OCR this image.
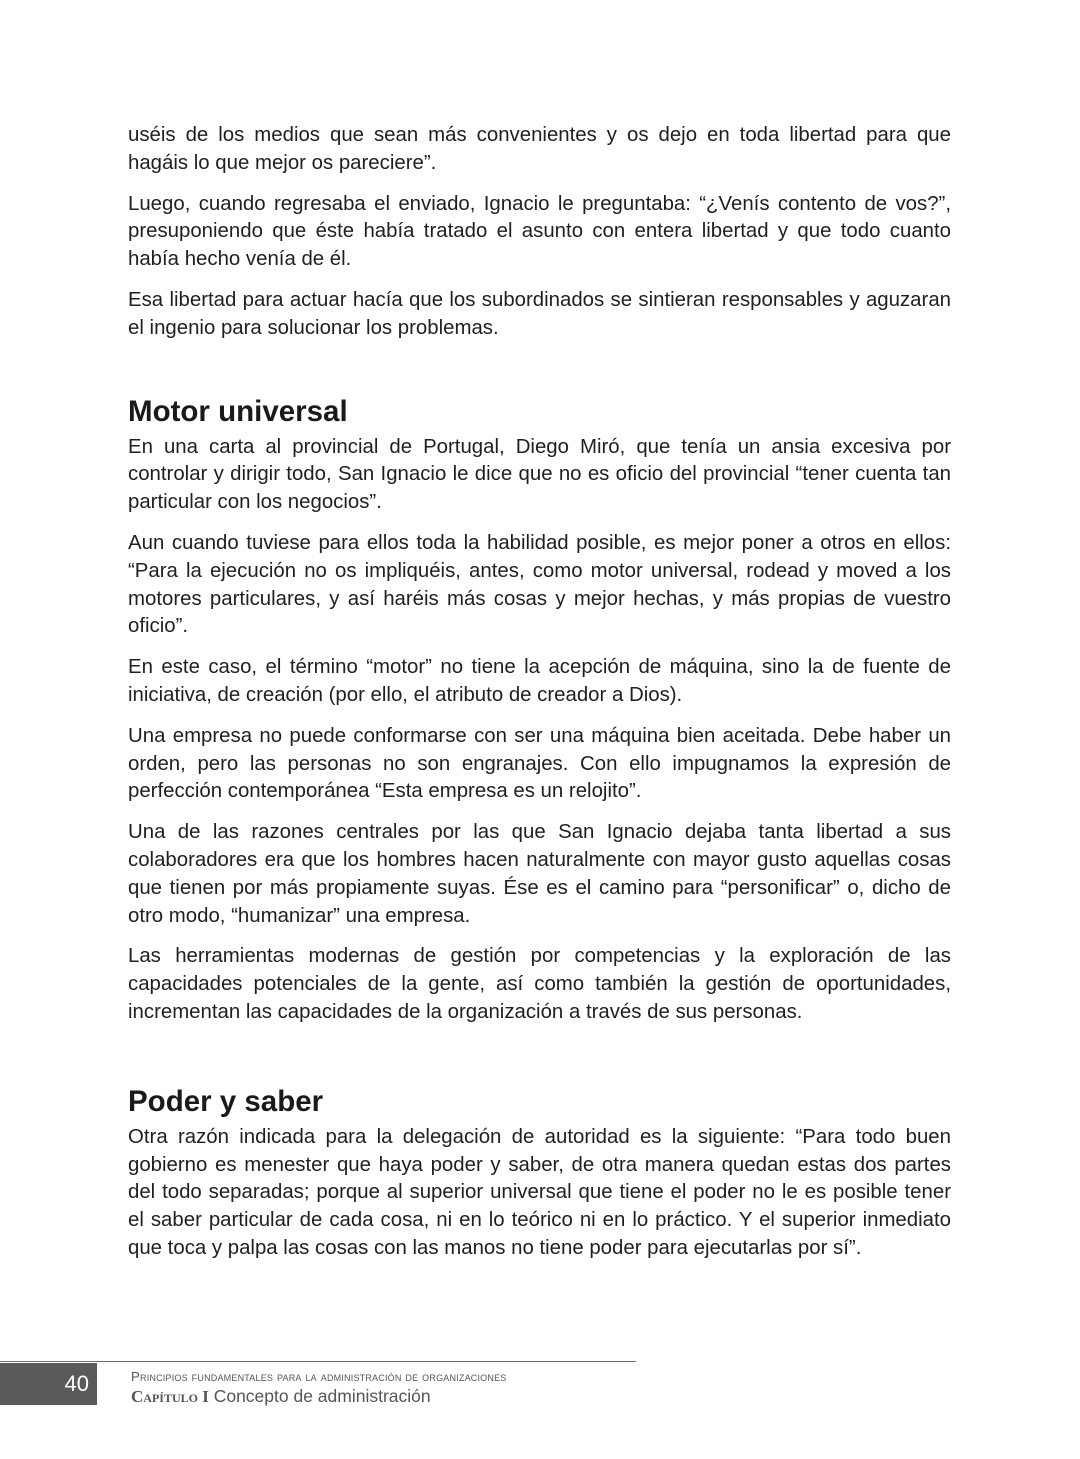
uséis de los medios que sean más convenientes y os dejo en toda libertad para que hagáis lo que mejor os pareciere”.

Luego, cuando regresaba el enviado, Ignacio le preguntaba: “¿Venís contento de vos?”, presuponiendo que éste había tratado el asunto con entera libertad y que todo cuanto había hecho venía de él.

Esa libertad para actuar hacía que los subordinados se sintieran responsables y aguzaran el ingenio para solucionar los problemas.

Motor universal

En una carta al provincial de Portugal, Diego Miró, que tenía un ansia excesiva por controlar y dirigir todo, San Ignacio le dice que no es oficio del provincial “tener cuenta tan particular con los negocios”.

Aun cuando tuviese para ellos toda la habilidad posible, es mejor poner a otros en ellos: “Para la ejecución no os impliquéis, antes, como motor universal, rodead y moved a los motores particulares, y así haréis más cosas y mejor hechas, y más propias de vuestro oficio”.

En este caso, el término “motor” no tiene la acepción de máquina, sino la de fuente de iniciativa, de creación (por ello, el atributo de creador a Dios).

Una empresa no puede conformarse con ser una máquina bien aceitada. Debe haber un orden, pero las personas no son engranajes. Con ello impugnamos la expresión de perfección contemporánea “Esta empresa es un relojito”.

Una de las razones centrales por las que San Ignacio dejaba tanta libertad a sus colaboradores era que los hombres hacen naturalmente con mayor gusto aquellas cosas que tienen por más propiamente suyas. Ése es el camino para “personificar” o, dicho de otro modo, “humanizar” una empresa.

Las herramientas modernas de gestión por competencias y la exploración de las capacidades potenciales de la gente, así como también la gestión de oportunidades, incrementan las capacidades de la organización a través de sus personas.

Poder y saber

Otra razón indicada para la delegación de autoridad es la siguiente: “Para todo buen gobierno es menester que haya poder y saber, de otra manera quedan estas dos partes del todo separadas; porque al superior universal que tiene el poder no le es posible tener el saber particular de cada cosa, ni en lo teórico ni en lo práctico. Y el superior inmediato que toca y palpa las cosas con las manos no tiene poder para ejecutarlas por sí”.

40	Principios fundamentales para la administración de organizaciones
Capítulo I Concepto de administración
